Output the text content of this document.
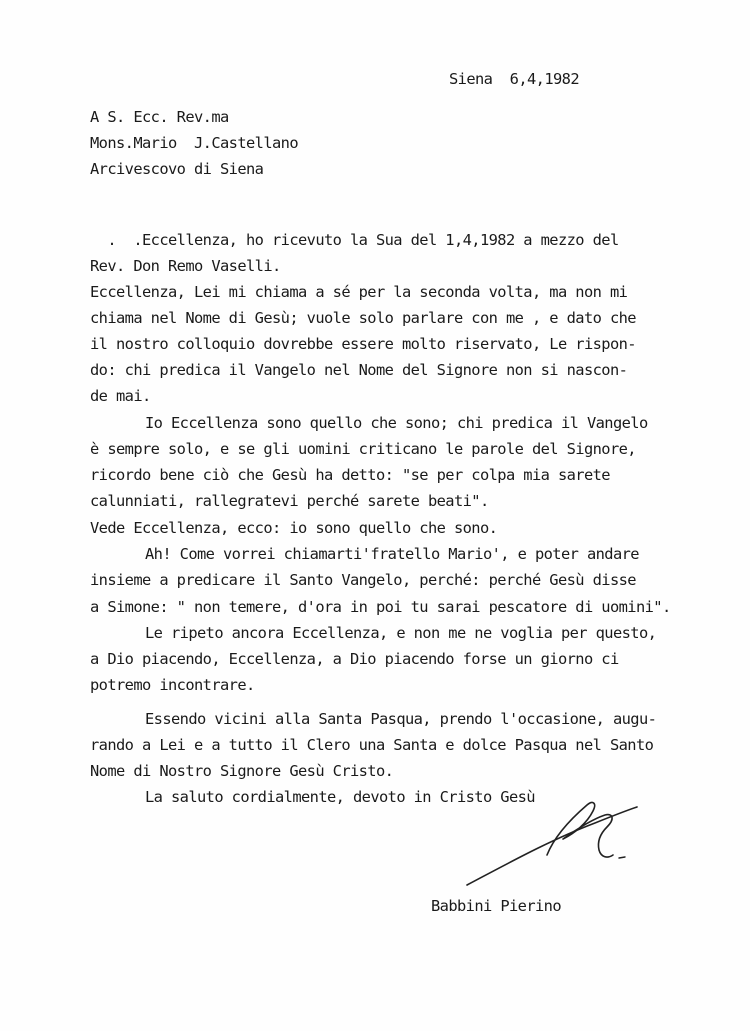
Siena  6,4,1982
A S. Ecc. Rev.ma
Mons.Mario  J.Castellano
Arcivescovo di Siena
.  .Eccellenza, ho ricevuto la Sua del 1,4,1982 a mezzo del
Rev. Don Remo Vaselli.
Eccellenza, Lei mi chiama a sé per la seconda volta, ma non mi
chiama nel Nome di Gesù; vuole solo parlare con me , e dato che
il nostro colloquio dovrebbe essere molto riservato, Le rispon-
do: chi predica il Vangelo nel Nome del Signore non si nascon-
de mai.
Io Eccellenza sono quello che sono; chi predica il Vangelo
è sempre solo, e se gli uomini criticano le parole del Signore,
ricordo bene ciò che Gesù ha detto: "se per colpa mia sarete
calunniati, rallegratevi perché sarete beati".
Vede Eccellenza, ecco: io sono quello che sono.
Ah! Come vorrei chiamarti'fratello Mario', e poter andare
insieme a predicare il Santo Vangelo, perché: perché Gesù disse
a Simone: " non temere, d'ora in poi tu sarai pescatore di uomini".
Le ripeto ancora Eccellenza, e non me ne voglia per questo,
a Dio piacendo, Eccellenza, a Dio piacendo forse un giorno ci
potremo incontrare.
Essendo vicini alla Santa Pasqua, prendo l'occasione, augu-
rando a Lei e a tutto il Clero una Santa e dolce Pasqua nel Santo
Nome di Nostro Signore Gesù Cristo.
La saluto cordialmente, devoto in Cristo Gesù
Babbini Pierino
